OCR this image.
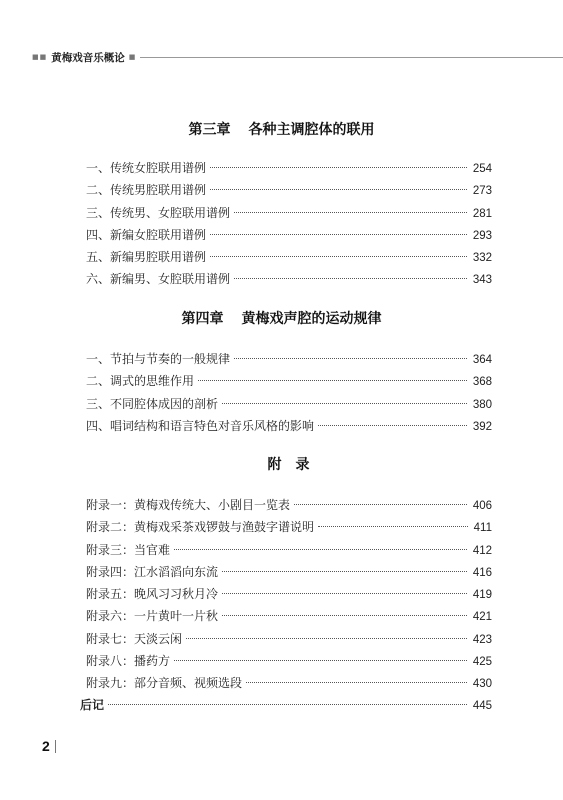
■■ 黄梅戏音乐概论 ■
第三章 各种主调腔体的联用
一、传统女腔联用谱例	254
二、传统男腔联用谱例	273
三、传统男、女腔联用谱例	281
四、新编女腔联用谱例	293
五、新编男腔联用谱例	332
六、新编男、女腔联用谱例	343
第四章 黄梅戏声腔的运动规律
一、节拍与节奏的一般规律	364
二、调式的思维作用	368
三、不同腔体成因的剖析	380
四、唱词结构和语言特色对音乐风格的影响	392
附录
附录一：黄梅戏传统大、小剧目一览表	406
附录二：黄梅戏采茶戏锣鼓与渔鼓字谱说明	411
附录三：当官难	412
附录四：江水滔滔向东流	416
附录五：晚风习习秋月冷	419
附录六：一片黄叶一片秋	421
附录七：天淡云闲	423
附录八：播药方	425
附录九：部分音频、视频选段	430
后记	445
2
